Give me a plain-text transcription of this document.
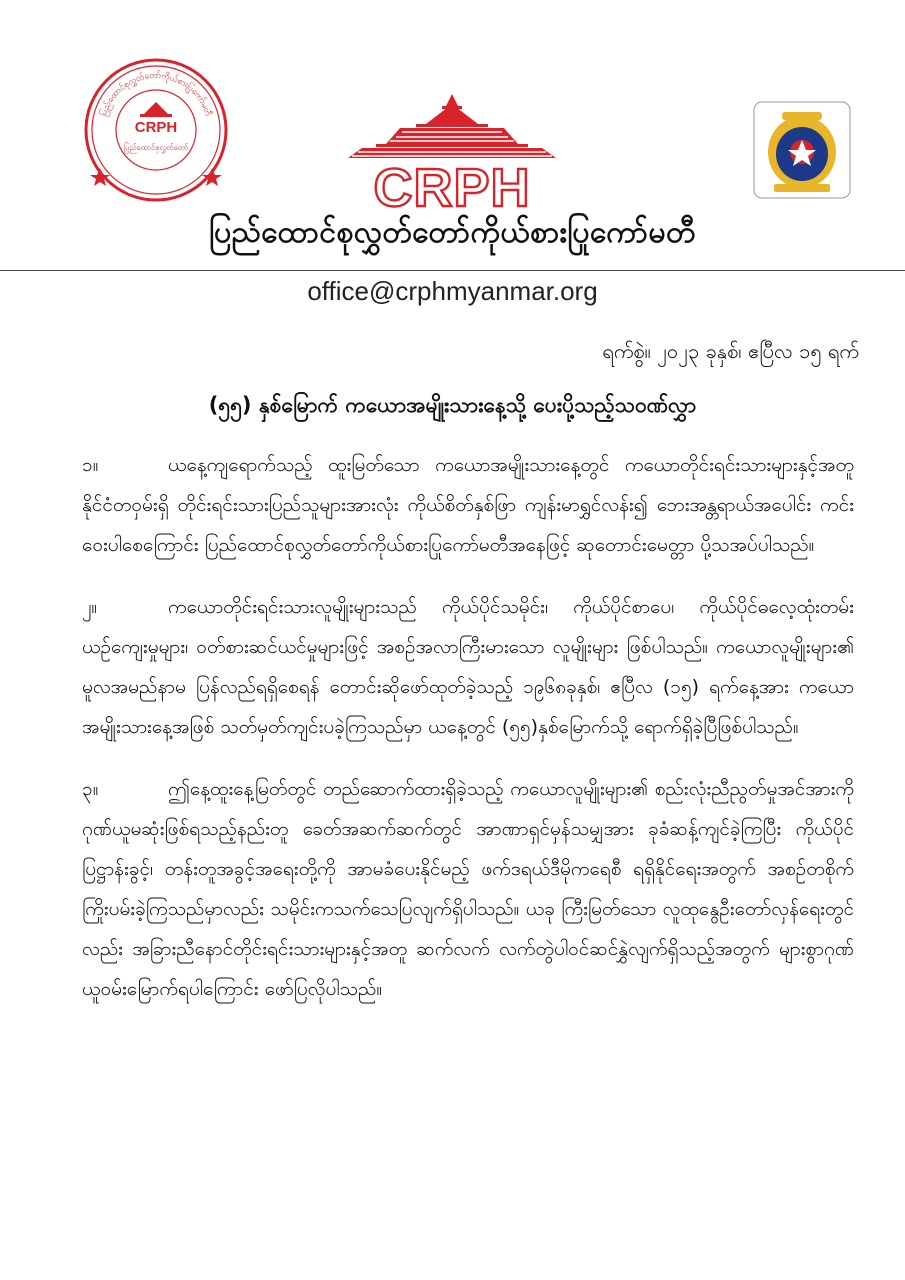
ပြည်ထောင်စုလွှတ်တော်ကိုယ်စားပြုကော်မတီ
CRPH
ပြည်ထောင်စုလွှတ်တော်
CRPH
ပြည်ထောင်စုလွှတ်တော်ကိုယ်စားပြုကော်မတီ
office@crphmyanmar.org
ရက်စွဲ။ ၂၀၂၃ ခုနှစ်၊ ဧပြီလ ၁၅ ရက်
(၅၅) နှစ်မြောက် ကယောအမျိုးသားနေ့သို့ ပေးပို့သည့်သဝဏ်လွှာ

၁။	ယနေ့ကျရောက်သည့် ထူးမြတ်သော ကယောအမျိုးသားနေ့တွင် ကယောတိုင်းရင်းသားများနှင့်အတူ နိုင်ငံတဝှမ်းရှိ တိုင်းရင်းသားပြည်သူများအားလုံး ကိုယ်စိတ်နှစ်ဖြာ ကျန်းမာရွှင်လန်း၍ ဘေးအန္တရာယ်အပေါင်း ကင်းဝေးပါစေကြောင်း ပြည်ထောင်စုလွှတ်တော်ကိုယ်စားပြုကော်မတီအနေဖြင့် ဆုတောင်းမေတ္တာ ပို့သအပ်ပါသည်။

၂။	ကယောတိုင်းရင်းသားလူမျိုးများသည် ကိုယ်ပိုင်သမိုင်း၊ ကိုယ်ပိုင်စာပေ၊ ကိုယ်ပိုင်ဓလေ့ထုံးတမ်းယဉ်ကျေးမှုများ၊ ဝတ်စားဆင်ယင်မှုများဖြင့် အစဉ်အလာကြီးမားသော လူမျိုးများ ဖြစ်ပါသည်။ ကယောလူမျိုးများ၏ မူလအမည်နာမ ပြန်လည်ရရှိစေရန် တောင်းဆိုဖော်ထုတ်ခဲ့သည့် ၁၉၆၈ခုနှစ်၊ ဧပြီလ (၁၅) ရက်နေ့အား ကယောအမျိုးသားနေ့အဖြစ် သတ်မှတ်ကျင်းပခဲ့ကြသည်မှာ ယနေ့တွင် (၅၅)နှစ်မြောက်သို့ ရောက်ရှိခဲ့ပြီဖြစ်ပါသည်။

၃။	ဤနေ့ထူးနေ့မြတ်တွင် တည်ဆောက်ထားရှိခဲ့သည့် ကယောလူမျိုးများ၏ စည်းလုံးညီညွတ်မှုအင်အားကို ဂုဏ်ယူမဆုံးဖြစ်ရသည့်နည်းတူ ခေတ်အဆက်ဆက်တွင် အာဏာရှင်မှန်သမျှအား ခုခံဆန့်ကျင်ခဲ့ကြပြီး ကိုယ်ပိုင်ပြဋ္ဌာန်းခွင့်၊ တန်းတူအခွင့်အရေးတို့ကို အာမခံပေးနိုင်မည့် ဖက်ဒရယ်ဒီမိုကရေစီ ရရှိနိုင်ရေးအတွက် အစဉ်တစိုက် ကြိုးပမ်းခဲ့ကြသည်မှာလည်း သမိုင်းကသက်သေပြလျက်ရှိပါသည်။ ယခု ကြီးမြတ်သော လူထုနွေဦးတော်လှန်ရေးတွင်လည်း အခြားညီနောင်တိုင်းရင်းသားများနှင့်အတူ ဆက်လက် လက်တွဲပါဝင်ဆင်နွှဲလျက်ရှိသည့်အတွက် များစွာဂုဏ်ယူဝမ်းမြောက်ရပါကြောင်း ဖော်ပြလိုပါသည်။
